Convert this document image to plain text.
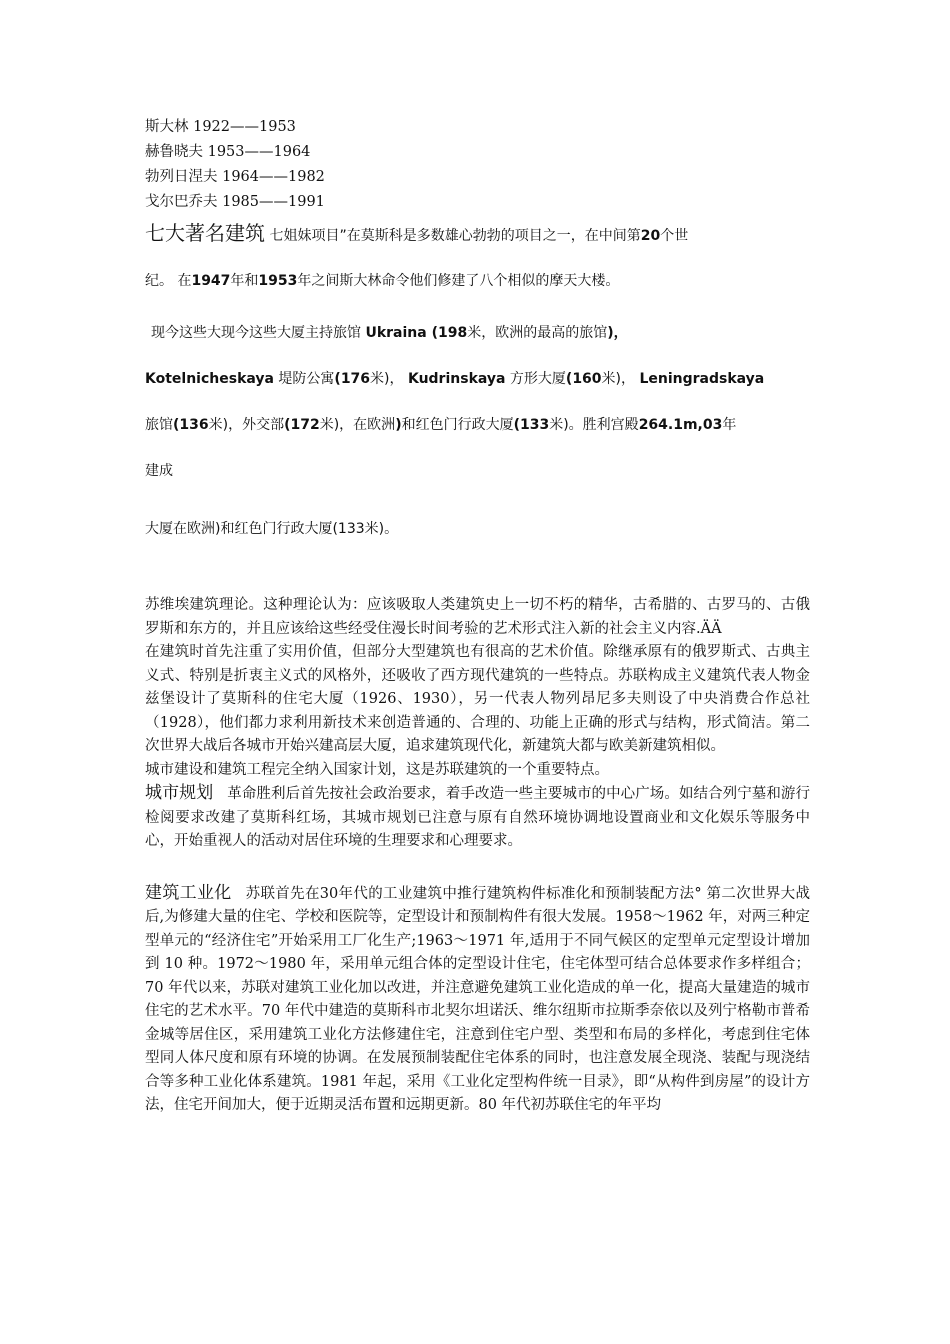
斯大林 1922——1953
赫鲁晓夫 1953——1964
勃列日涅夫 1964——1982
戈尔巴乔夫 1985——1991
七大著名建筑 七姐妹项目”在莫斯科是多数雄心勃勃的项目之一，在中间第20个世
纪。 在1947年和1953年之间斯大林命令他们修建了八个相似的摩天大楼。
现今这些大现今这些大厦主持旅馆 Ukraina (198米，欧洲的最高的旅馆)，
Kotelnicheskaya 堤防公寓(176米)， Kudrinskaya 方形大厦(160米)， Leningradskaya
旅馆(136米)，外交部(172米)，在欧洲)和红色门行政大厦(133米)。胜利宫殿264.1m,03年
建成
大厦在欧洲)和红色门行政大厦(133米)。
苏维埃建筑理论。这种理论认为：应该吸取人类建筑史上一切不朽的精华，古希腊的、古罗马的、古俄罗斯和东方的，并且应该给这些经受住漫长时间考验的艺术形式注入新的社会主义内容.ÄÄ
在建筑时首先注重了实用价值，但部分大型建筑也有很高的艺术价值。除继承原有的俄罗斯式、古典主义式、特别是折衷主义式的风格外，还吸收了西方现代建筑的一些特点。苏联构成主义建筑代表人物金兹堡设计了莫斯科的住宅大厦（1926、1930），另一代表人物列昂尼多夫则设了中央消费合作总社（1928），他们都力求利用新技术来创造普通的、合理的、功能上正确的形式与结构，形式简洁。第二次世界大战后各城市开始兴建高层大厦，追求建筑现代化，新建筑大都与欧美新建筑相似。
城市建设和建筑工程完全纳入国家计划，这是苏联建筑的一个重要特点。
城市规划 革命胜利后首先按社会政治要求，着手改造一些主要城市的中心广场。如结合列宁墓和游行检阅要求改建了莫斯科红场，其城市规划已注意与原有自然环境协调地设置商业和文化娱乐等服务中心，开始重视人的活动对居住环境的生理要求和心理要求。
建筑工业化 苏联首先在30年代的工业建筑中推行建筑构件标准化和预制装配方法° 第二次世界大战后,为修建大量的住宅、学校和医院等，定型设计和预制构件有很大发展。1958～1962 年，对两三种定型单元的“经济住宅”开始采用工厂化生产;1963～1971 年,适用于不同气候区的定型单元定型设计增加到 10 种。1972～1980 年，采用单元组合体的定型设计住宅，住宅体型可结合总体要求作多样组合；70 年代以来，苏联对建筑工业化加以改进，并注意避免建筑工业化造成的单一化，提高大量建造的城市住宅的艺术水平。70 年代中建造的莫斯科市北契尔坦诺沃、维尔纽斯市拉斯季奈依以及列宁格勒市普希金城等居住区，采用建筑工业化方法修建住宅，注意到住宅户型、类型和布局的多样化，考虑到住宅体型同人体尺度和原有环境的协调。在发展预制装配住宅体系的同时，也注意发展全现浇、装配与现浇结合等多种工业化体系建筑。1981 年起，采用《工业化定型构件统一目录》，即“从构件到房屋”的设计方法，住宅开间加大，便于近期灵活布置和远期更新。80 年代初苏联住宅的年平均
